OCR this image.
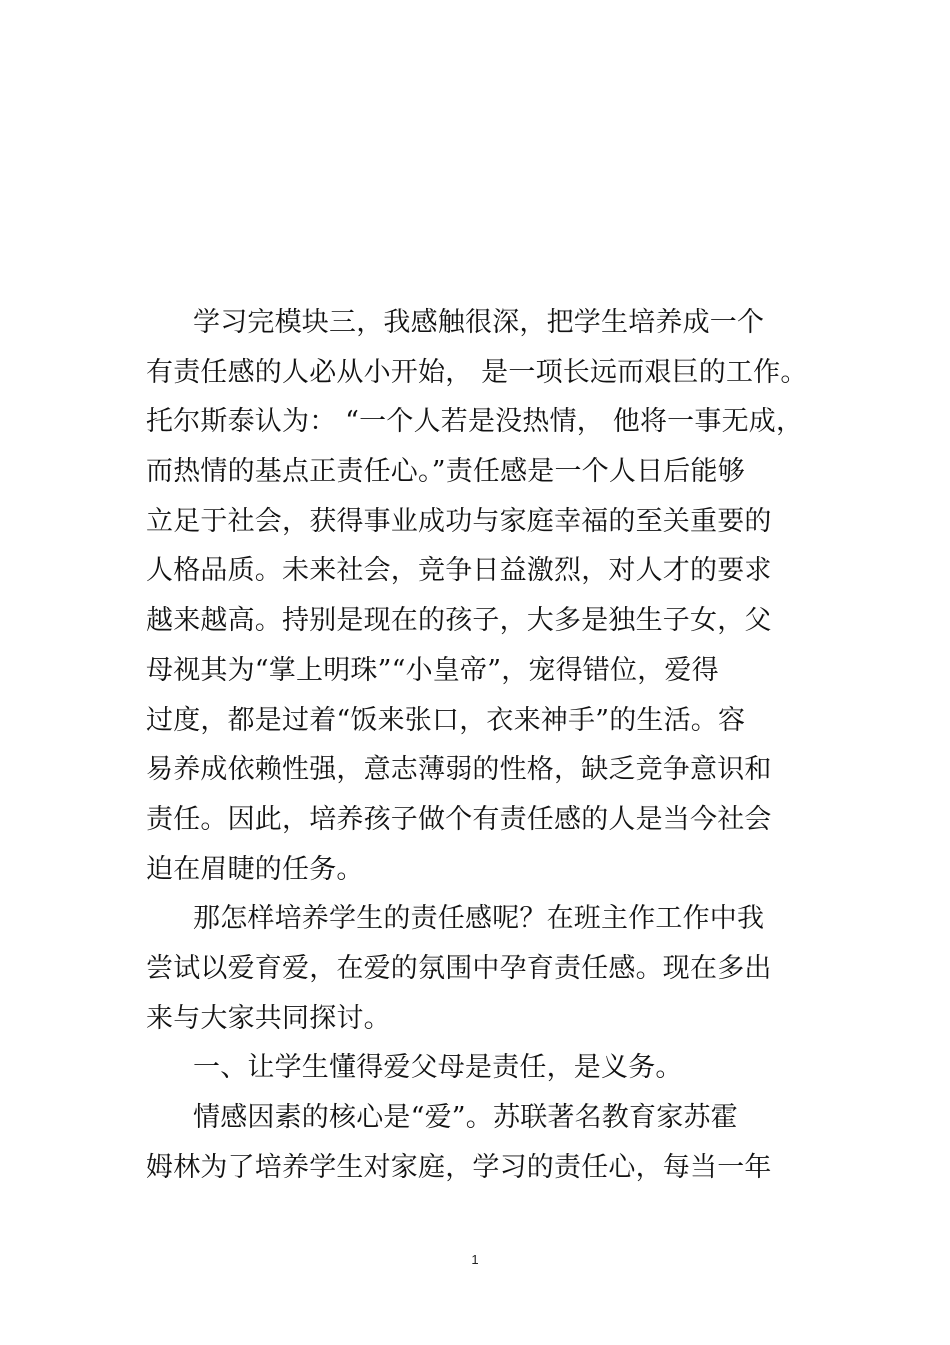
学习完模块三，我感触很深，把学生培养成一个
有责任感的人必从小开始， 是一项长远而艰巨的工作。
托尔斯泰认为： “一个人若是没热情， 他将一事无成，
而热情的基点正责任心。”责任感是一个人日后能够
立足于社会，获得事业成功与家庭幸福的至关重要的
人格品质。未来社会，竞争日益激烈，对人才的要求
越来越高。持别是现在的孩子，大多是独生子女，父
母视其为“掌上明珠”“小皇帝”，宠得错位，爱得
过度，都是过着“饭来张口，衣来神手”的生活。容
易养成依赖性强，意志薄弱的性格，缺乏竞争意识和
责任。因此，培养孩子做个有责任感的人是当今社会
迫在眉睫的任务。
那怎样培养学生的责任感呢？在班主作工作中我
尝试以爱育爱，在爱的氛围中孕育责任感。现在多出
来与大家共同探讨。
一、让学生懂得爱父母是责任，是义务。
情感因素的核心是“爱”。苏联著名教育家苏霍
姆林为了培养学生对家庭，学习的责任心，每当一年
1
